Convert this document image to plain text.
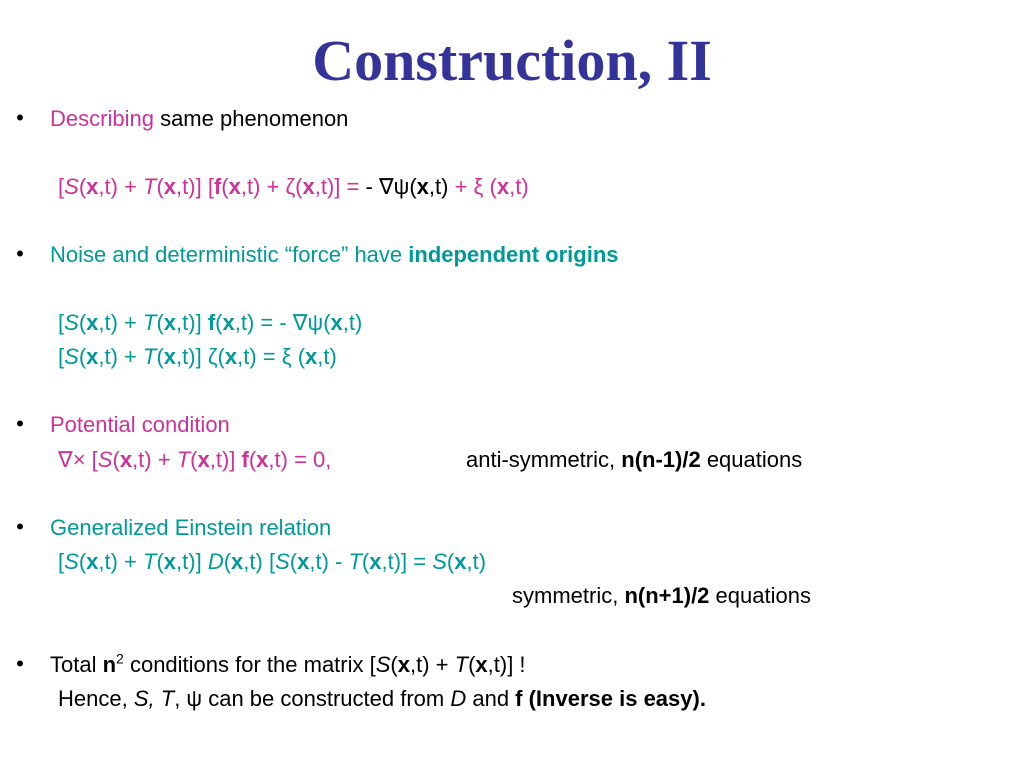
Construction, II
•
Describing same phenomenon
[S(x,t) + T(x,t)] [f(x,t) + ζ(x,t)] = - ∇ψ(x,t) + ξ (x,t)
•
Noise and deterministic “force” have independent origins
[S(x,t) + T(x,t)] f(x,t) = - ∇ψ(x,t)
[S(x,t) + T(x,t)] ζ(x,t) = ξ (x,t)
•
Potential condition
∇× [S(x,t) + T(x,t)] f(x,t) = 0,	anti-symmetric, n(n-1)/2 equations
•
Generalized Einstein relation
[S(x,t) + T(x,t)] D(x,t) [S(x,t) - T(x,t)] = S(x,t)
symmetric, n(n+1)/2 equations
•
Total $n^2$ conditions for the matrix [S(x,t) + T(x,t)] !
Hence, S, T, ψ can be constructed from D and f (Inverse is easy).
